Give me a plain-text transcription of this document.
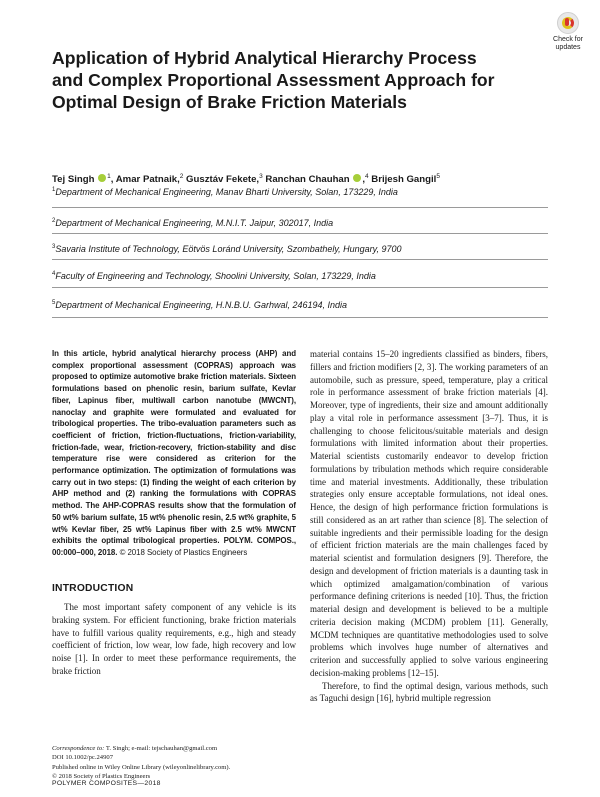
Check for
updates
Application of Hybrid Analytical Hierarchy Process and Complex Proportional Assessment Approach for Optimal Design of Brake Friction Materials
Tej Singh $^1$, Amar Patnaik,$^2$ Gusztáv Fekete,$^3$ Ranchan Chauhan ,$^4$ Brijesh Gangil$^5$
$^1$Department of Mechanical Engineering, Manav Bharti University, Solan, 173229, India
$^2$Department of Mechanical Engineering, M.N.I.T. Jaipur, 302017, India
$^3$Savaria Institute of Technology, Eötvös Loránd University, Szombathely, Hungary, 9700
$^4$Faculty of Engineering and Technology, Shoolini University, Solan, 173229, India
$^5$Department of Mechanical Engineering, H.N.B.U. Garhwal, 246194, India

In this article, hybrid analytical hierarchy process (AHP) and complex proportional assessment (COPRAS) approach was proposed to optimize automotive brake friction materials. Sixteen formulations based on phenolic resin, barium sulfate, Kevlar fiber, Lapinus fiber, multiwall carbon nanotube (MWCNT), nanoclay and graphite were formulated and evaluated for tribological properties. The tribo-evaluation parameters such as coefficient of friction, friction-fluctuations, friction-variability, friction-fade, wear, friction-recovery, friction-stability and disc temperature rise were considered as criterion for the performance optimization. The optimization of formulations was carry out in two steps: (1) finding the weight of each criterion by AHP method and (2) ranking the formulations with COPRAS method. The AHP-COPRAS results show that the formulation of 50 wt% barium sulfate, 15 wt% phenolic resin, 2.5 wt% graphite, 5 wt% Kevlar fiber, 25 wt% Lapinus fiber with 2.5 wt% MWCNT exhibits the optimal tribological properties. POLYM. COMPOS., 00:000–000, 2018. © 2018 Society of Plastics Engineers

INTRODUCTION

The most important safety component of any vehicle is its braking system. For efficient functioning, brake friction materials have to fulfill various quality requirements, e.g., high and steady coefficient of friction, low wear, low fade, high recovery and low noise [1]. In order to meet these performance requirements, the brake friction

material contains 15–20 ingredients classified as binders, fibers, fillers and friction modifiers [2, 3]. The working parameters of an automobile, such as pressure, speed, temperature, play a critical role in performance assessment of brake friction materials [4]. Moreover, type of ingredients, their size and amount additionally play a vital role in performance assessment [3–7]. Thus, it is challenging to choose felicitous/suitable materials and design formulations with limited information about their properties. Material scientists customarily endeavor to develop friction formulations by tribulation methods which require considerable time and material investments. Additionally, these tribulation strategies only ensure acceptable formulations, not ideal ones. Hence, the design of high performance friction formulations is still considered as an art rather than science [8]. The selection of suitable ingredients and their permissible loading for the design of efficient friction materials are the main challenges faced by material scientist and formulation designers [9]. Therefore, the design and development of friction materials is a daunting task in which optimized amalgamation/combination of various performance defining criterions is needed [10]. Thus, the friction material design and development is believed to be a multiple criteria decision making (MCDM) problem [11]. Generally, MCDM techniques are quantitative methodologies used to solve problems which involves huge number of alternatives and criterion and successfully applied to solve various engineering decision-making problems [12–15].

Therefore, to find the optimal design, various methods, such as Taguchi design [16], hybrid multiple regression

Correspondence to: T. Singh; e-mail: tejschauhan@gmail.com
DOI 10.1002/pc.24907
Published online in Wiley Online Library (wileyonlinelibrary.com).
© 2018 Society of Plastics Engineers
POLYMER COMPOSITES—2018
